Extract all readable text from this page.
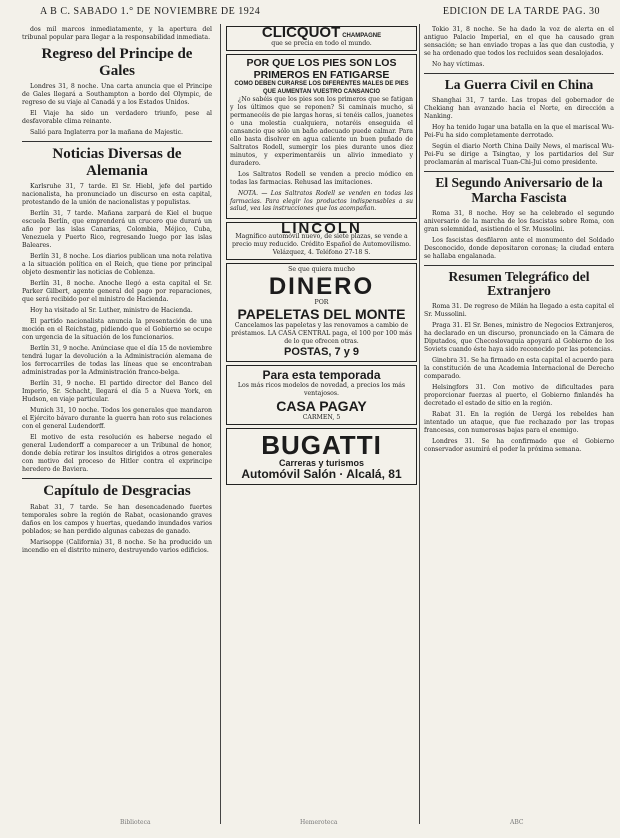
A B C. SABADO 1.° DE NOVIEMBRE DE 1924	EDICION DE LA TARDE PAG. 30

dos mil marcos inmediatamente, y la apertura del tribunal popular para llegar a la responsabilidad inmediata.

Regreso del Principe de Gales

Londres 31, 8 noche. Una carta anuncia que el Principe de Gales llegará a Southampton a bordo del Olympic, de regreso de su viaje al Canadá y a los Estados Unidos.

El Viaje ha sido un verdadero triunfo, pese al desfavorable clima reinante.

Salió para Inglaterra por la mañana de Majestic.

Noticias Diversas de Alemania

Karlsruhe 31, 7 tarde. El Sr. Hiebl, jefe del partido nacionalista, ha pronunciado un discurso en esta capital, protestando de la unión de nacionalistas y populistas.

Berlín 31, 7 tarde. Mañana zarpará de Kiel el buque escuela Berlín, que emprenderá un crucero que durará un año por las islas Canarias, Colombia, Méjico, Cuba, Venezuela y Puerto Rico, regresando luego por las islas Baleares.

Berlín 31, 8 noche. Los diarios publican una nota relativa a la situación política en el Reich, que tiene por principal objeto desmentir las noticias de Coblenza.

Berlín 31, 8 noche. Anoche llegó a esta capital el Sr. Parker Gilbert, agente general del pago por reparaciones, que será recibido por el ministro de Hacienda.

Hoy ha visitado al Sr. Luther, ministro de Hacienda.

El partido nacionalista anuncia la presentación de una moción en el Reichstag, pidiendo que el Gobierno se ocupe con urgencia de la situación de los funcionarios.

Berlín 31, 9 noche. Anúnciase que el día 15 de noviembre tendrá lugar la devolución a la Administración alemana de los ferrocarriles de todas las líneas que se encontraban administradas por la Administración franco-belga.

Berlín 31, 9 noche. El partido director del Banco del Imperio, Sr. Schacht, llegará el día 5 a Nueva York, en Hudson, en viaje particular.

Munich 31, 10 noche. Todos los generales que mandaron el Ejército bávaro durante la guerra han roto sus relaciones con el general Ludendorff.

El motivo de esta resolución es haberse negado el general Ludendorff a comparecer a un Tribunal de honor, donde debía retirar los insultos dirigidos a otros generales con motivo del proceso de Hitler contra el exprincipe heredero de Baviera.

Capítulo de Desgracias

Rabat 31, 7 tarde. Se han desencadenado fuertes temporales sobre la región de Rabat, ocasionando graves daños en los campos y huertas, quedando inundados varios poblados; se han perdido algunas cabezas de ganado.

Marisoppe (California) 31, 8 noche. Se ha producido un incendio en el distrito minero, destruyendo varios edificios.

CLICQUOT CHAMPAGNE
que se precia en todo el mundo.
POR QUE LOS PIES SON LOS PRIMEROS EN FATIGARSE
COMO DEBEN CURARSE LOS DIFERENTES MALES DE PIES QUE AUMENTAN VUESTRO CANSANCIO

¿No sabéis que los pies son los primeros que se fatigan y los últimos que se reponen? Si caminais mucho, si permanecéis de pie largas horas, si tenéis callos, juanetes o una molestia cualquiera, notaréis enseguida el cansancio que sólo un baño adecuado puede calmar. Para ello basta disolver en agua caliente un buen puñado de Saltratos Rodell, sumergir los pies durante unos diez minutos, y experimentaréis un alivio inmediato y duradero.

Los Saltratos Rodell se venden a precio módico en todas las farmacias. Rehusad las imitaciones.

NOTA. — Los Saltratos Rodell se venden en todas las farmacias. Para elegir los productos indispensables a su salud, vea las instrucciones que los acompañan.

LINCOLN
Magnífico automóvil nuevo, de siete plazas, se vende a precio muy reducido. Crédito Español de Automovilismo.
Velázquez, 4. Teléfono 27-18 S.
Se que quiera mucho
DINERO
POR
PAPELETAS DEL MONTE
Cancelamos las papeletas y las renovamos a cambio de préstamos. LA CASA CENTRAL paga, el 100 por 100 más de lo que ofrecen otras.
POSTAS, 7 y 9
Para esta temporada
Los más ricos modelos de novedad, a precios los más ventajosos.
CASA PAGAY
CARMEN, 5
BUGATTI
Carreras y turismos
Automóvil Salón · Alcalá, 81

Tokio 31, 8 noche. Se ha dado la voz de alerta en el antiguo Palacio Imperial, en el que ha causado gran sensación; se han enviado tropas a las que dan custodia, y se ha ordenado que todos los recluidos sean desalojados.

No hay víctimas.

La Guerra Civil en China

Shanghai 31, 7 tarde. Las tropas del gobernador de Chekiang han avanzado hacia el Norte, en dirección a Nanking.

Hoy ha tenido lugar una batalla en la que el mariscal Wu-Pei-Fu ha sido completamente derrotado.

Según el diario North China Daily News, el mariscal Wu-Pei-Fu se dirige a Tsingtao, y los partidarios del Sur proclamarán al mariscal Tuan-Chi-Jui como presidente.

El Segundo Aniversario de la Marcha Fascista

Roma 31, 8 noche. Hoy se ha celebrado el segundo aniversario de la marcha de los fascistas sobre Roma, con gran solemnidad, asistiendo el Sr. Mussolini.

Los fascistas desfilaron ante el monumento del Soldado Desconocido, donde depositaron coronas; la ciudad entera se hallaba engalanada.

Resumen Telegráfico del Extranjero

Roma 31. De regreso de Milán ha llegado a esta capital el Sr. Mussolini.

Praga 31. El Sr. Benes, ministro de Negocios Extranjeros, ha declarado en un discurso, pronunciado en la Cámara de Diputados, que Checoslovaquia apoyará al Gobierno de los Soviets cuando éste haya sido reconocido por las potencias.

Ginebra 31. Se ha firmado en esta capital el acuerdo para la constitución de una Academia Internacional de Derecho comparado.

Helsingfors 31. Con motivo de dificultades para proporcionar fuerzas al puerto, el Gobierno finlandés ha decretado el estado de sitio en la región.

Rabat 31. En la región de Uergá los rebeldes han intentado un ataque, que fue rechazado por las tropas francesas, con numerosas bajas para el enemigo.

Londres 31. Se ha confirmado que el Gobierno conservador asumirá el poder la próxima semana.

Biblioteca	Hemeroteca	ABC
